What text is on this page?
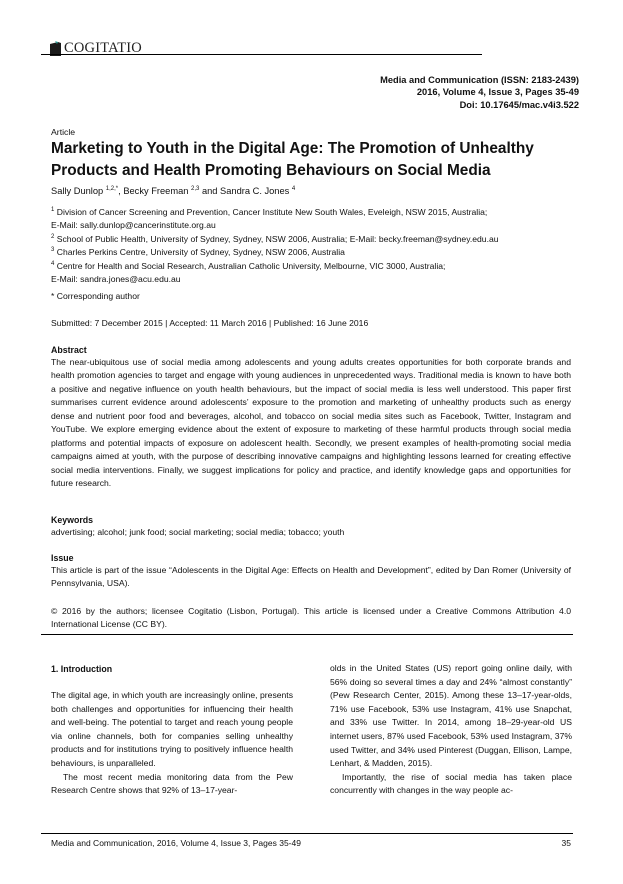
COGITATIO
Media and Communication (ISSN: 2183-2439)
2016, Volume 4, Issue 3, Pages 35-49
Doi: 10.17645/mac.v4i3.522
Article
Marketing to Youth in the Digital Age: The Promotion of Unhealthy
Products and Health Promoting Behaviours on Social Media
Sally Dunlop $^{1,2,*}$, Becky Freeman $^{2,3}$ and Sandra C. Jones $^4$
$^1$ Division of Cancer Screening and Prevention, Cancer Institute New South Wales, Eveleigh, NSW 2015, Australia;
E-Mail: sally.dunlop@cancerinstitute.org.au
$^2$ School of Public Health, University of Sydney, Sydney, NSW 2006, Australia; E-Mail: becky.freeman@sydney.edu.au
$^3$ Charles Perkins Centre, University of Sydney, Sydney, NSW 2006, Australia
$^4$ Centre for Health and Social Research, Australian Catholic University, Melbourne, VIC 3000, Australia;
E-Mail: sandra.jones@acu.edu.au
* Corresponding author
Submitted: 7 December 2015 | Accepted: 11 March 2016 | Published: 16 June 2016
Abstract
The near-ubiquitous use of social media among adolescents and young adults creates opportunities for both corporate brands and health promotion agencies to target and engage with young audiences in unprecedented ways. Traditional media is known to have both a positive and negative influence on youth health behaviours, but the impact of social media is less well understood. This paper first summarises current evidence around adolescents’ exposure to the promotion and marketing of unhealthy products such as energy dense and nutrient poor food and beverages, alcohol, and tobacco on social media sites such as Facebook, Twitter, Instagram and YouTube. We explore emerging evidence about the extent of exposure to marketing of these harmful products through social media platforms and potential impacts of exposure on adolescent health. Secondly, we present examples of health-promoting social media campaigns aimed at youth, with the purpose of describing innovative campaigns and highlighting lessons learned for creating effective social media interventions. Finally, we suggest implications for policy and practice, and identify knowledge gaps and opportunities for future research.
Keywords
advertising; alcohol; junk food; social marketing; social media; tobacco; youth
Issue
This article is part of the issue “Adolescents in the Digital Age: Effects on Health and Development”, edited by Dan Romer (University of Pennsylvania, USA).
© 2016 by the authors; licensee Cogitatio (Lisbon, Portugal). This article is licensed under a Creative Commons Attribution 4.0 International License (CC BY).
1. Introduction

The digital age, in which youth are increasingly online, presents both challenges and opportunities for influencing their health and well-being. The potential to target and reach young people via online channels, both for companies selling unhealthy products and for institutions trying to positively influence health behaviours, is unparalleled.

The most recent media monitoring data from the Pew Research Centre shows that 92% of 13–17-year-

olds in the United States (US) report going online daily, with 56% doing so several times a day and 24% “almost constantly” (Pew Research Center, 2015). Among these 13–17-year-olds, 71% use Facebook, 53% use Instagram, 41% use Snapchat, and 33% use Twitter. In 2014, among 18–29-year-old US internet users, 87% used Facebook, 53% used Instagram, 37% used Twitter, and 34% used Pinterest (Duggan, Ellison, Lampe, Lenhart, & Madden, 2015).

Importantly, the rise of social media has taken place concurrently with changes in the way people ac-

Media and Communication, 2016, Volume 4, Issue 3, Pages 35-49	35
